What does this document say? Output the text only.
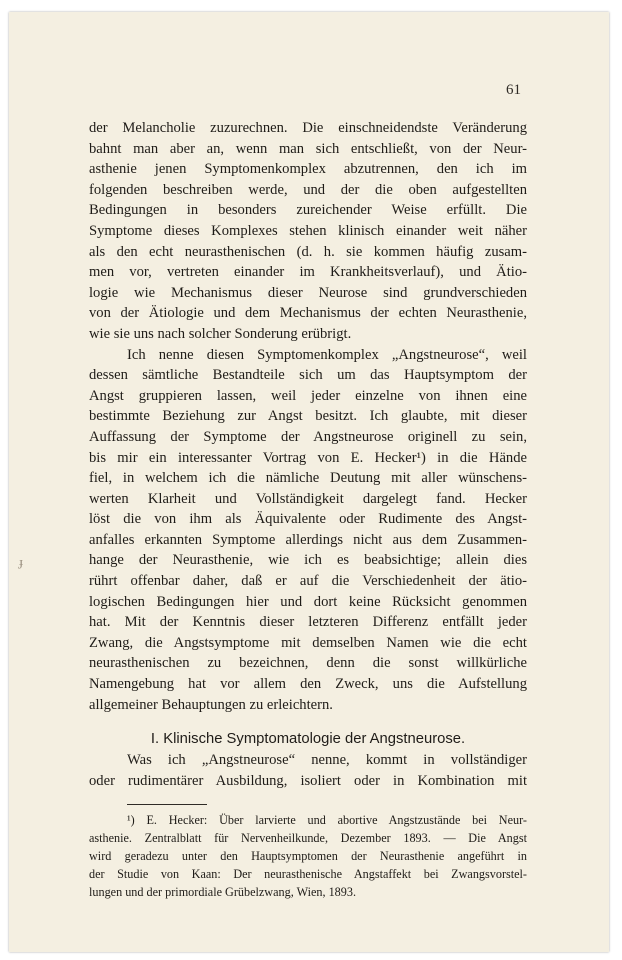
61
ɟ
der Melancholie zuzurechnen. Die einschneidendste Veränderung
bahnt man aber an, wenn man sich entschließt, von der Neur-
asthenie jenen Symptomenkomplex abzutrennen, den ich im
folgenden beschreiben werde, und der die oben aufgestellten
Bedingungen in besonders zureichender Weise erfüllt. Die
Symptome dieses Komplexes stehen klinisch einander weit näher
als den echt neurasthenischen (d. h. sie kommen häufig zusam-
men vor, vertreten einander im Krankheitsverlauf), und Ätio-
logie wie Mechanismus dieser Neurose sind grundverschieden
von der Ätiologie und dem Mechanismus der echten Neurasthenie,
wie sie uns nach solcher Sonderung erübrigt.
Ich nenne diesen Symptomenkomplex „Angstneurose“, weil
dessen sämtliche Bestandteile sich um das Hauptsymptom der
Angst gruppieren lassen, weil jeder einzelne von ihnen eine
bestimmte Beziehung zur Angst besitzt. Ich glaubte, mit dieser
Auffassung der Symptome der Angstneurose originell zu sein,
bis mir ein interessanter Vortrag von E. Hecker¹) in die Hände
fiel, in welchem ich die nämliche Deutung mit aller wünschens-
werten Klarheit und Vollständigkeit dargelegt fand. Hecker
löst die von ihm als Äquivalente oder Rudimente des Angst-
anfalles erkannten Symptome allerdings nicht aus dem Zusammen-
hange der Neurasthenie, wie ich es beabsichtige; allein dies
rührt offenbar daher, daß er auf die Verschiedenheit der ätio-
logischen Bedingungen hier und dort keine Rücksicht genommen
hat. Mit der Kenntnis dieser letzteren Differenz entfällt jeder
Zwang, die Angstsymptome mit demselben Namen wie die echt
neurasthenischen zu bezeichnen, denn die sonst willkürliche
Namengebung hat vor allem den Zweck, uns die Aufstellung
allgemeiner Behauptungen zu erleichtern.
I. Klinische Symptomatologie der Angstneurose.
Was ich „Angstneurose“ nenne, kommt in vollständiger
oder rudimentärer Ausbildung, isoliert oder in Kombination mit
¹) E. Hecker: Über larvierte und abortive Angstzustände bei Neur-
asthenie. Zentralblatt für Nervenheilkunde, Dezember 1893. — Die Angst
wird geradezu unter den Hauptsymptomen der Neurasthenie angeführt in
der Studie von Kaan: Der neurasthenische Angstaffekt bei Zwangsvorstel-
lungen und der primordiale Grübelzwang, Wien, 1893.
